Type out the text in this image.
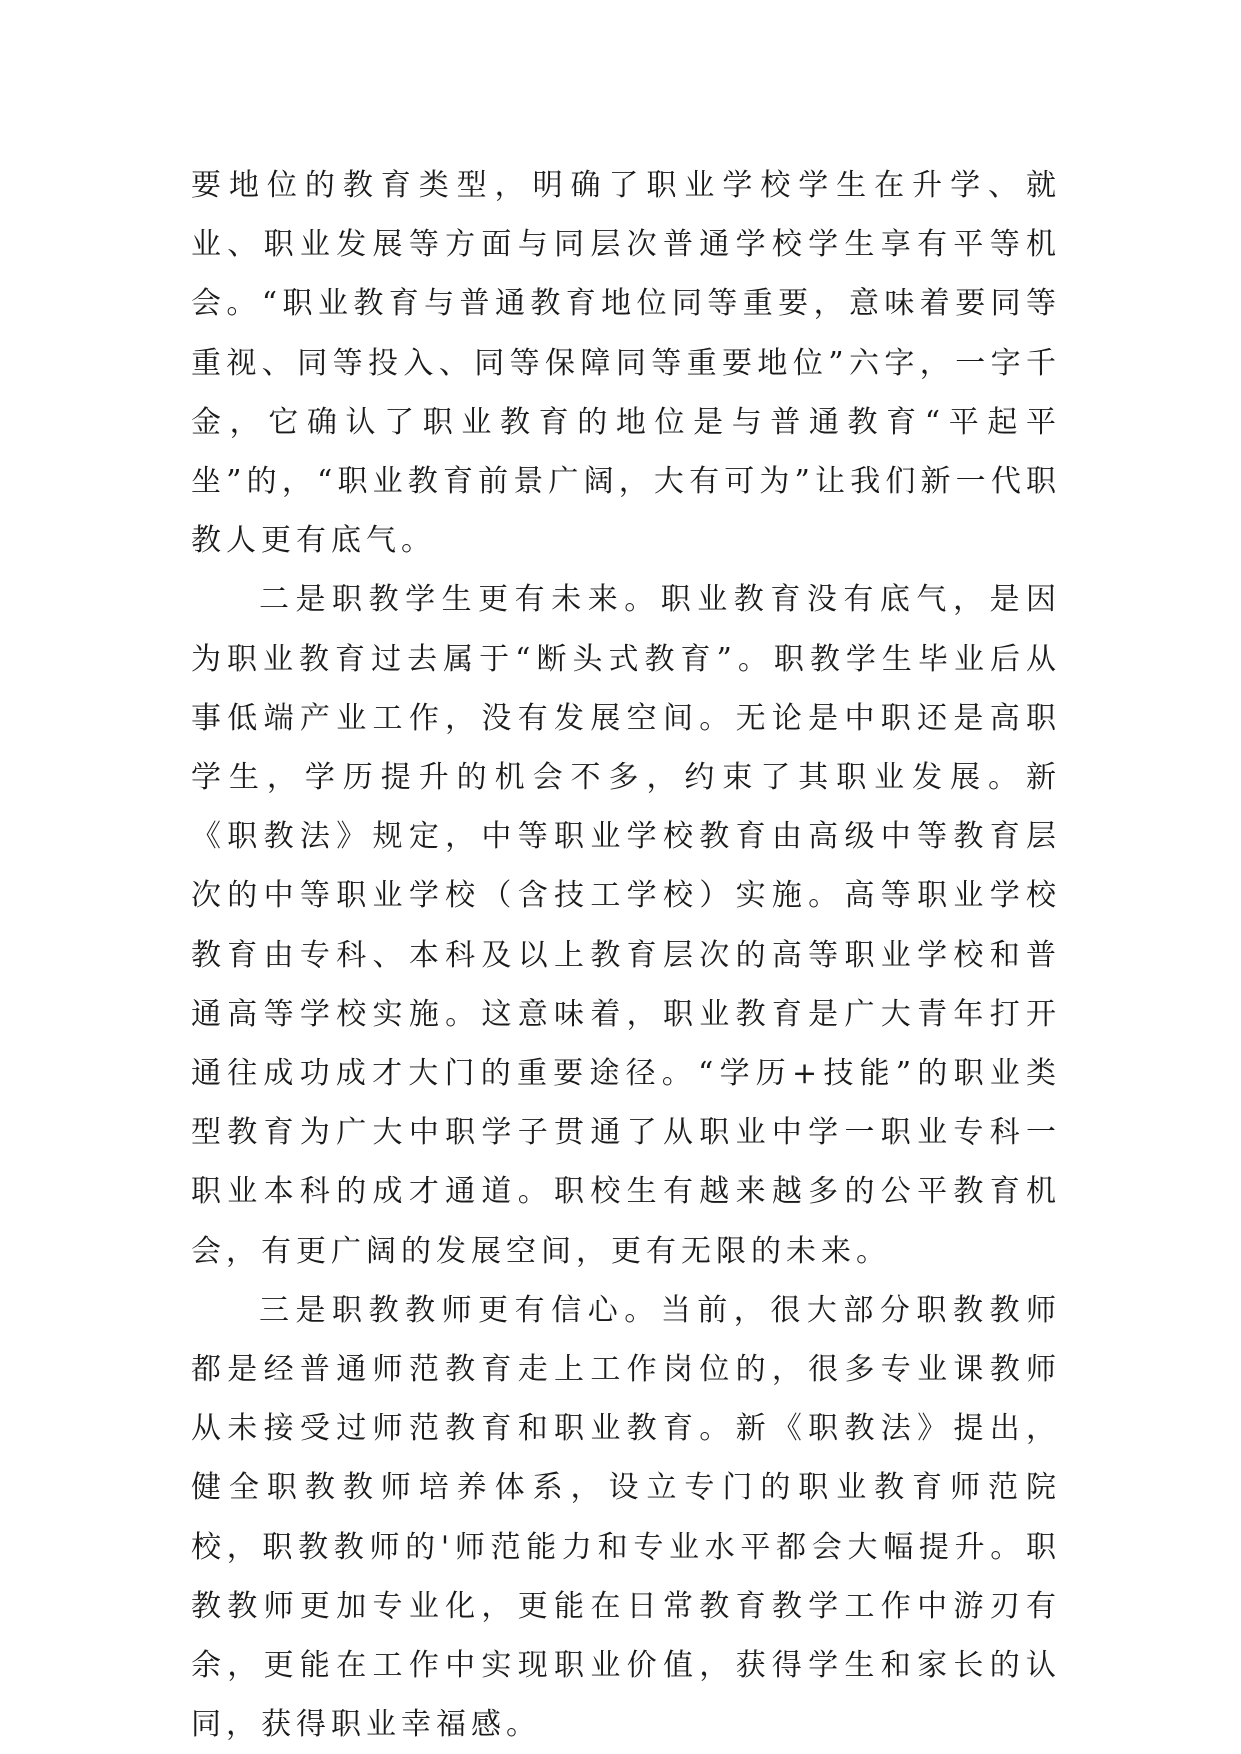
要地位的教育类型，明确了职业学校学生在升学、就业、职业发展等方面与同层次普通学校学生享有平等机会。“职业教育与普通教育地位同等重要，意味着要同等重视、同等投入、同等保障同等重要地位”六字，一字千金，它确认了职业教育的地位是与普通教育“平起平坐”的，“职业教育前景广阔，大有可为”让我们新一代职教人更有底气。

二是职教学生更有未来。职业教育没有底气，是因为职业教育过去属于“断头式教育”。职教学生毕业后从事低端产业工作，没有发展空间。无论是中职还是高职学生，学历提升的机会不多，约束了其职业发展。新《职教法》规定，中等职业学校教育由高级中等教育层次的中等职业学校（含技工学校）实施。高等职业学校教育由专科、本科及以上教育层次的高等职业学校和普通高等学校实施。这意味着，职业教育是广大青年打开通往成功成才大门的重要途径。“学历+技能”的职业类型教育为广大中职学子贯通了从职业中学一职业专科一职业本科的成才通道。职校生有越来越多的公平教育机会，有更广阔的发展空间，更有无限的未来。

三是职教教师更有信心。当前，很大部分职教教师都是经普通师范教育走上工作岗位的，很多专业课教师从未接受过师范教育和职业教育。新《职教法》提出，健全职教教师培养体系，设立专门的职业教育师范院校，职教教师的'师范能力和专业水平都会大幅提升。职教教师更加专业化，更能在日常教育教学工作中游刃有余，更能在工作中实现职业价值，获得学生和家长的认同，获得职业幸福感。
